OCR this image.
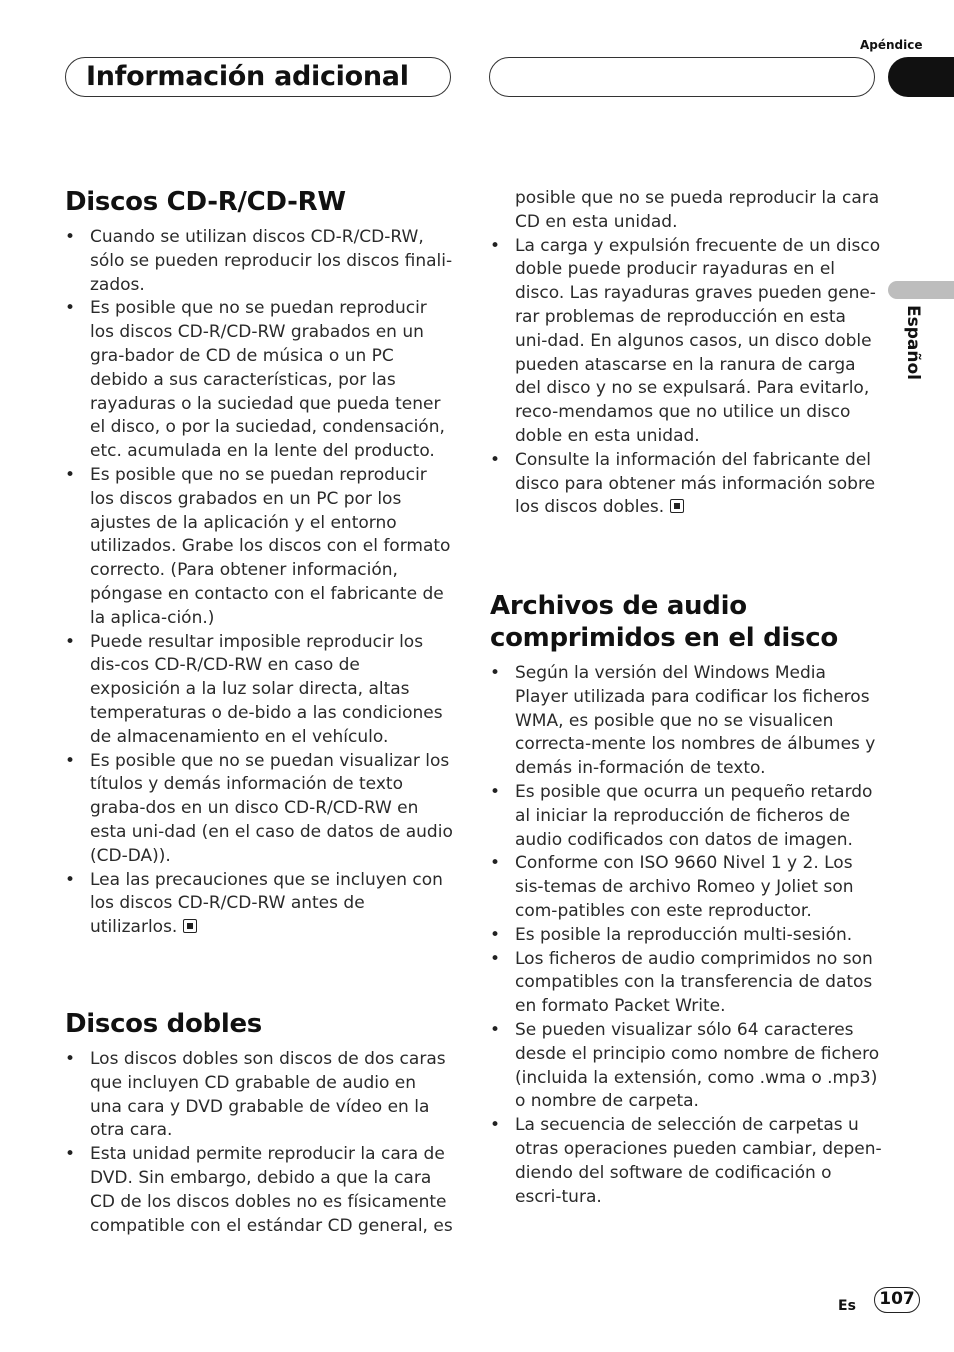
Apéndice
Información adicional
Español
Discos CD-R/CD-RW
• Cuando se utilizan discos CD-R/CD-RW, sólo se pueden reproducir los discos finali-zados.
• Es posible que no se puedan reproducir los discos CD-R/CD-RW grabados en un gra-bador de CD de música o un PC debido a sus características, por las rayaduras o la suciedad que pueda tener el disco, o por la suciedad, condensación, etc. acumulada en la lente del producto.
• Es posible que no se puedan reproducir los discos grabados en un PC por los ajustes de la aplicación y el entorno utilizados. Grabe los discos con el formato correcto. (Para obtener información, póngase en contacto con el fabricante de la aplica-ción.)
• Puede resultar imposible reproducir los dis-cos CD-R/CD-RW en caso de exposición a la luz solar directa, altas temperaturas o de-bido a las condiciones de almacenamiento en el vehículo.
• Es posible que no se puedan visualizar los títulos y demás información de texto graba-dos en un disco CD-R/CD-RW en esta uni-dad (en el caso de datos de audio (CD-DA)).
• Lea las precauciones que se incluyen con los discos CD-R/CD-RW antes de utilizarlos.
Discos dobles
• Los discos dobles son discos de dos caras que incluyen CD grabable de audio en una cara y DVD grabable de vídeo en la otra cara.
• Esta unidad permite reproducir la cara de DVD. Sin embargo, debido a que la cara CD de los discos dobles no es físicamente compatible con el estándar CD general, es
posible que no se pueda reproducir la cara CD en esta unidad.
• La carga y expulsión frecuente de un disco doble puede producir rayaduras en el disco. Las rayaduras graves pueden gene-rar problemas de reproducción en esta uni-dad. En algunos casos, un disco doble pueden atascarse en la ranura de carga del disco y no se expulsará. Para evitarlo, reco-mendamos que no utilice un disco doble en esta unidad.
• Consulte la información del fabricante del disco para obtener más información sobre los discos dobles.
Archivos de audio
comprimidos en el disco
• Según la versión del Windows Media Player utilizada para codificar los ficheros WMA, es posible que no se visualicen correcta-mente los nombres de álbumes y demás in-formación de texto.
• Es posible que ocurra un pequeño retardo al iniciar la reproducción de ficheros de audio codificados con datos de imagen.
• Conforme con ISO 9660 Nivel 1 y 2. Los sis-temas de archivo Romeo y Joliet son com-patibles con este reproductor.
• Es posible la reproducción multi-sesión.
• Los ficheros de audio comprimidos no son compatibles con la transferencia de datos en formato Packet Write.
• Se pueden visualizar sólo 64 caracteres desde el principio como nombre de fichero (incluida la extensión, como .wma o .mp3) o nombre de carpeta.
• La secuencia de selección de carpetas u otras operaciones pueden cambiar, depen-diendo del software de codificación o escri-tura.
Es	107
